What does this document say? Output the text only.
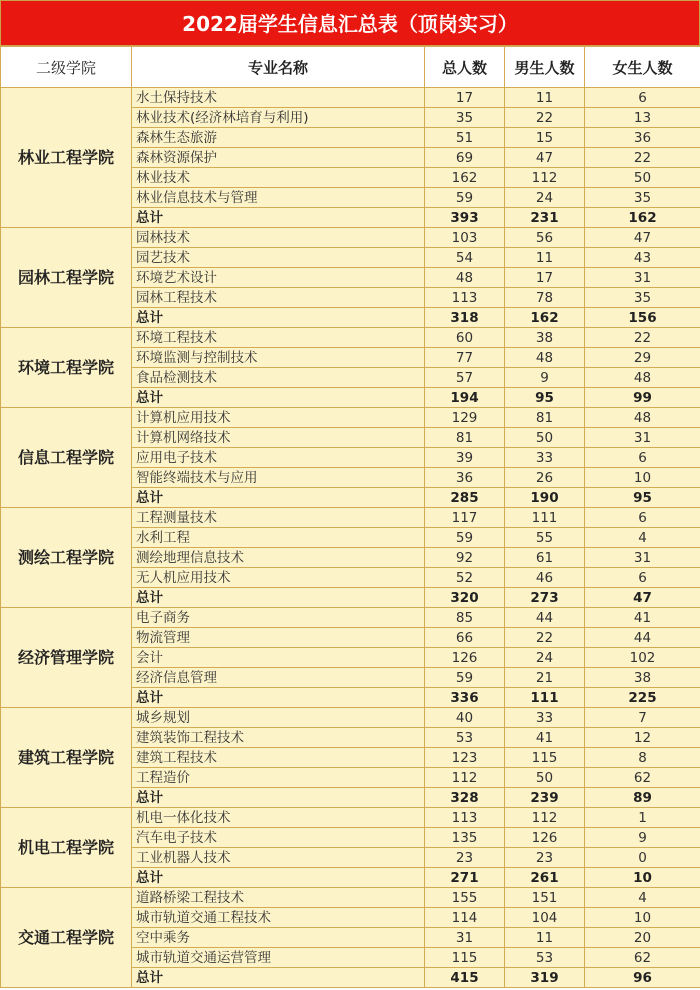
2022届学生信息汇总表（顶岗实习）
二级学院	专业名称	总人数	男生人数	女生人数
林业工程学院	水土保持技术	17	11	6
	林业技术(经济林培育与利用)	35	22	13
	森林生态旅游	51	15	36
	森林资源保护	69	47	22
	林业技术	162	112	50
	林业信息技术与管理	59	24	35
	总计	393	231	162
园林工程学院	园林技术	103	56	47
	园艺技术	54	11	43
	环境艺术设计	48	17	31
	园林工程技术	113	78	35
	总计	318	162	156
环境工程学院	环境工程技术	60	38	22
	环境监测与控制技术	77	48	29
	食品检测技术	57	9	48
	总计	194	95	99
信息工程学院	计算机应用技术	129	81	48
	计算机网络技术	81	50	31
	应用电子技术	39	33	6
	智能终端技术与应用	36	26	10
	总计	285	190	95
测绘工程学院	工程测量技术	117	111	6
	水利工程	59	55	4
	测绘地理信息技术	92	61	31
	无人机应用技术	52	46	6
	总计	320	273	47
经济管理学院	电子商务	85	44	41
	物流管理	66	22	44
	会计	126	24	102
	经济信息管理	59	21	38
	总计	336	111	225
建筑工程学院	城乡规划	40	33	7
	建筑装饰工程技术	53	41	12
	建筑工程技术	123	115	8
	工程造价	112	50	62
	总计	328	239	89
机电工程学院	机电一体化技术	113	112	1
	汽车电子技术	135	126	9
	工业机器人技术	23	23	0
	总计	271	261	10
交通工程学院	道路桥梁工程技术	155	151	4
	城市轨道交通工程技术	114	104	10
	空中乘务	31	11	20
	城市轨道交通运营管理	115	53	62
	总计	415	319	96
